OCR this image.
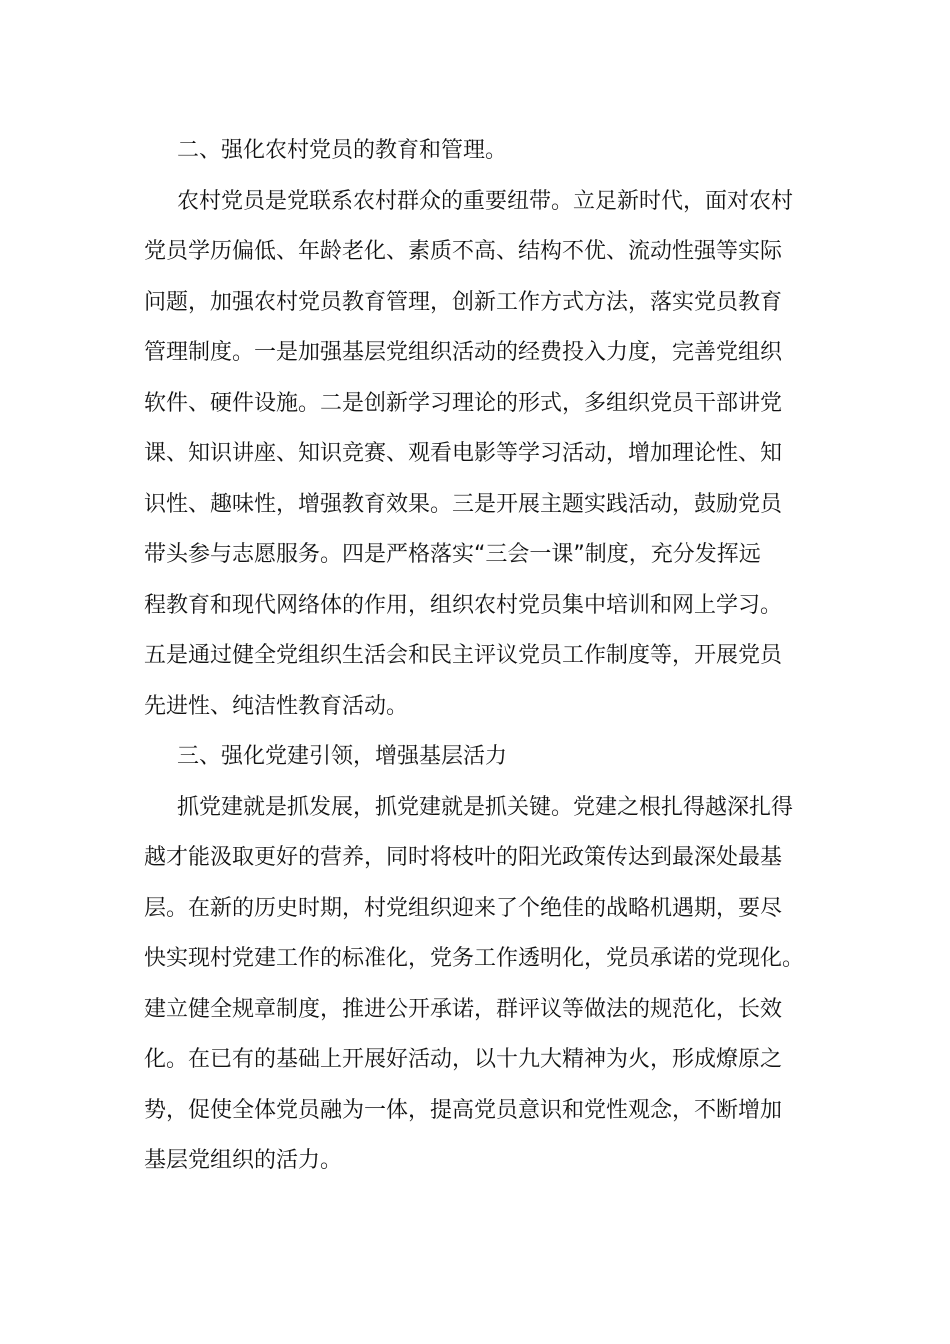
二、强化农村党员的教育和管理。

农村党员是党联系农村群众的重要纽带。立足新时代，面对农村
党员学历偏低、年龄老化、素质不高、结构不优、流动性强等实际
问题，加强农村党员教育管理，创新工作方式方法，落实党员教育
管理制度。一是加强基层党组织活动的经费投入力度，完善党组织
软件、硬件设施。二是创新学习理论的形式，多组织党员干部讲党
课、知识讲座、知识竞赛、观看电影等学习活动，增加理论性、知
识性、趣味性，增强教育效果。三是开展主题实践活动，鼓励党员
带头参与志愿服务。四是严格落实“三会一课”制度，充分发挥远
程教育和现代网络体的作用，组织农村党员集中培训和网上学习。
五是通过健全党组织生活会和民主评议党员工作制度等，开展党员
先进性、纯洁性教育活动。

三、强化党建引领，增强基层活力

抓党建就是抓发展，抓党建就是抓关键。党建之根扎得越深扎得
越才能汲取更好的营养，同时将枝叶的阳光政策传达到最深处最基
层。在新的历史时期，村党组织迎来了个绝佳的战略机遇期，要尽
快实现村党建工作的标准化，党务工作透明化，党员承诺的党现化。
建立健全规章制度，推进公开承诺，群评议等做法的规范化，长效
化。在已有的基础上开展好活动，以十九大精神为火，形成燎原之
势，促使全体党员融为一体，提高党员意识和党性观念，不断增加
基层党组织的活力。
